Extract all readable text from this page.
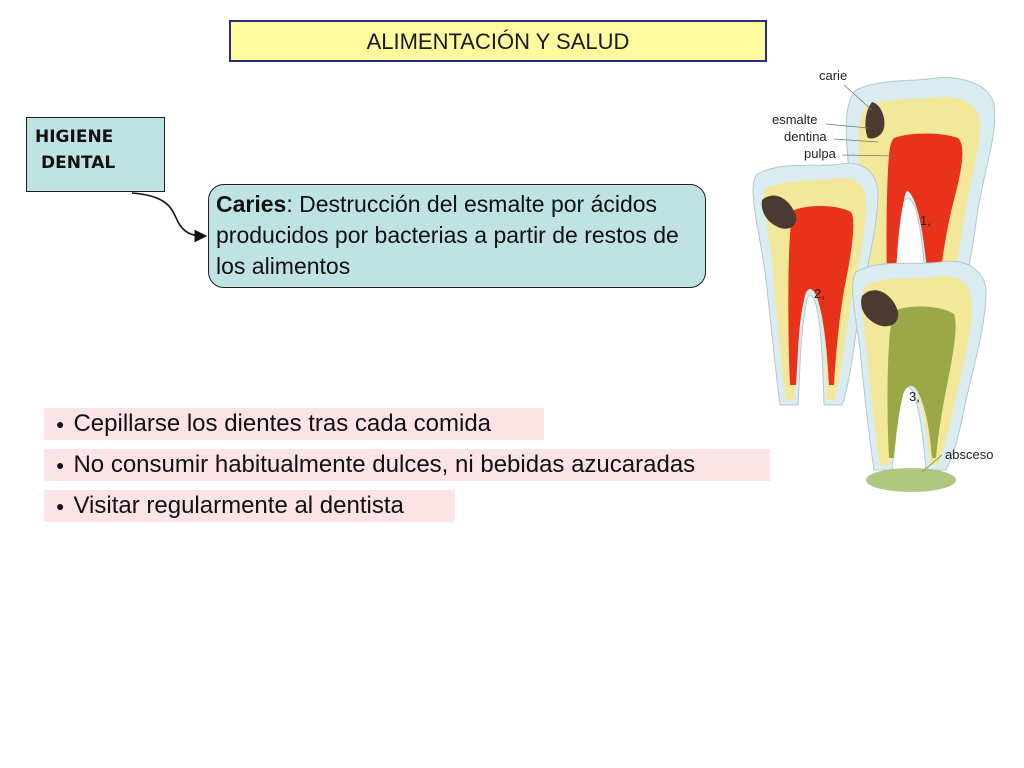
ALIMENTACIÓN Y SALUD
HIGIENE
DENTAL
Caries: Destrucción del esmalte por ácidos producidos por bacterias a partir de restos de los alimentos
● Cepillarse los dientes tras cada comida
● No consumir habitualmente dulces, ni bebidas azucaradas
● Visitar regularmente al dentista
carie
esmalte
dentina
pulpa
absceso
1,
2,
3,
